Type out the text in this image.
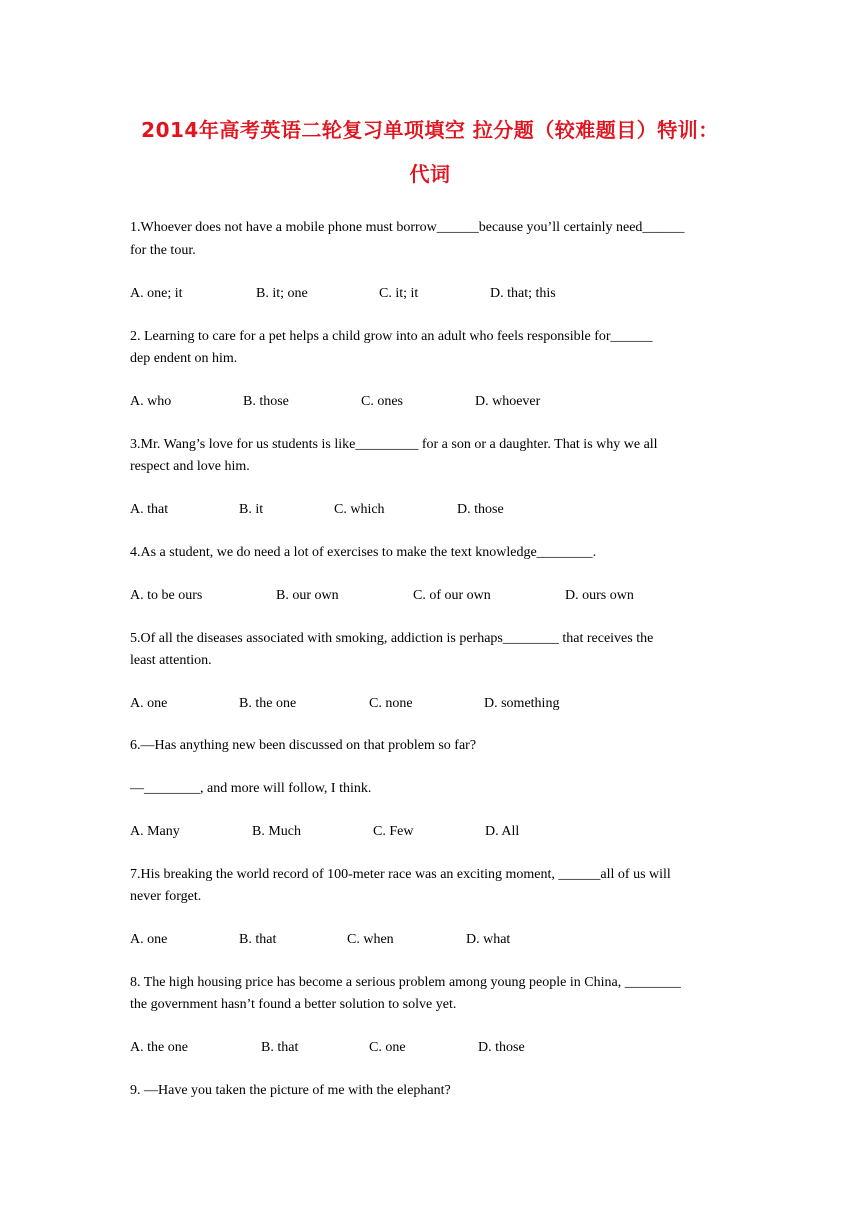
2014年高考英语二轮复习单项填空 拉分题（较难题目）特训：
代词
1.Whoever does not have a mobile phone must borrow______because you’ll certainly need______
for the tour.
A. one; it	B. it; one	C. it; it	D. that; this
2. Learning to care for a pet helps a child grow into an adult who feels responsible for______
dep endent on him.
A. who	B. those	C. ones	D. whoever
3.Mr. Wang’s love for us students is like_________ for a son or a daughter. That is why we all
respect and love him.
A. that	B. it	C. which	D. those
4.As a student, we do need a lot of exercises to make the text knowledge________.
A. to be ours	B. our own	C. of our own	D. ours own
5.Of all the diseases associated with smoking, addiction is perhaps________ that receives the
least attention.
A. one	B. the one	C. none	D. something
6.—Has anything new been discussed on that problem so far?
—________, and more will follow, I think.
A. Many	B. Much	C. Few	D. All
7.His breaking the world record of 100-meter race was an exciting moment, ______all of us will
never forget.
A. one	B. that	C. when	D. what
8. The high housing price has become a serious problem among young people in China, ________
the government hasn’t found a better solution to solve yet.
A. the one	B. that	C. one	D. those
9. —Have you taken the picture of me with the elephant?
